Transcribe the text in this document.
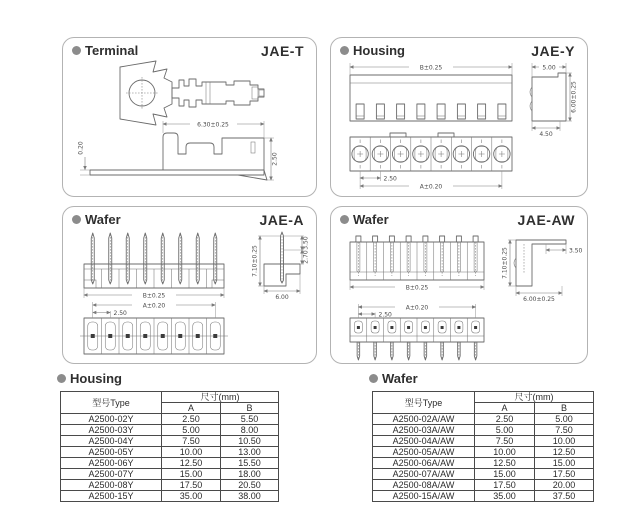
Terminal	JAE-T
6.30±0.25
2.50
0.20
Housing	JAE-Y
B±0.25	5.00
6.00±0.25
4.50
2.50
A±0.20
Wafer	JAE-A
B±0.25
7.10±0.25
3.50
2.70
6.00
A±0.20
2.50
Wafer	JAE-AW
B±0.25
3.50
7.10±0.25
6.00±0.25
A±0.20
2.50
Housing
型号Type	尺寸(mm)	
	A	B
A2500-02Y	2.50	5.50
A2500-03Y	5.00	8.00
A2500-04Y	7.50	10.50
A2500-05Y	10.00	13.00
A2500-06Y	12.50	15.50
A2500-07Y	15.00	18.00
A2500-08Y	17.50	20.50
A2500-15Y	35.00	38.00
Wafer
型号Type	尺寸(mm)	
	A	B
A2500-02A/AW	2.50	5.00
A2500-03A/AW	5.00	7.50
A2500-04A/AW	7.50	10.00
A2500-05A/AW	10.00	12.50
A2500-06A/AW	12.50	15.00
A2500-07A/AW	15.00	17.50
A2500-08A/AW	17.50	20.00
A2500-15A/AW	35.00	37.50
